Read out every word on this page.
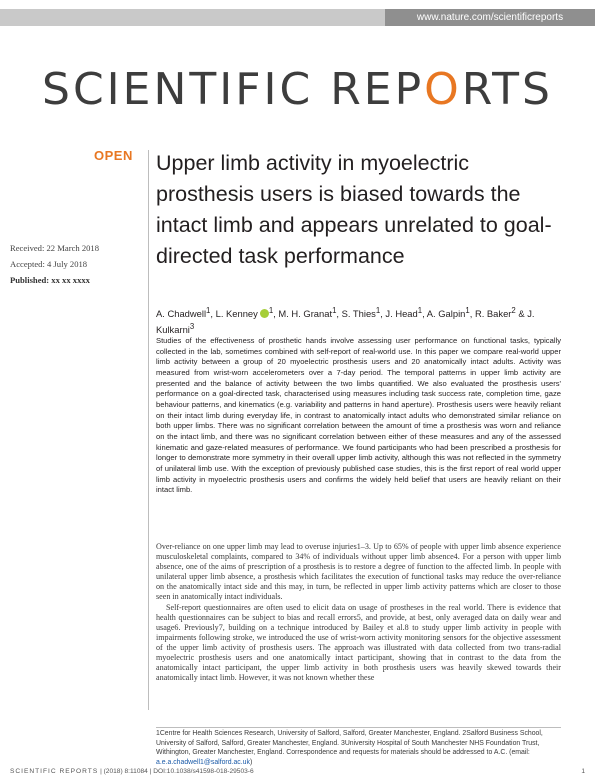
www.nature.com/scientificreports
SCIENTIFIC REPORTS
OPEN Upper limb activity in myoelectric prosthesis users is biased towards the intact limb and appears unrelated to goal-directed task performance
Received: 22 March 2018
Accepted: 4 July 2018
Published: xx xx xxxx
A. Chadwell$^1$, L. Kenney $^1$, M. H. Granat$^1$, S. Thies$^1$, J. Head$^1$, A. Galpin$^1$, R. Baker$^2$ & J. Kulkarni$^3$

Studies of the effectiveness of prosthetic hands involve assessing user performance on functional tasks, typically collected in the lab, sometimes combined with self-report of real-world use. In this paper we compare real-world upper limb activity between a group of 20 myoelectric prosthesis users and 20 anatomically intact adults. Activity was measured from wrist-worn accelerometers over a 7-day period. The temporal patterns in upper limb activity are presented and the balance of activity between the two limbs quantified. We also evaluated the prosthesis users' performance on a goal-directed task, characterised using measures including task success rate, completion time, gaze behaviour patterns, and kinematics (e.g. variability and patterns in hand aperture). Prosthesis users were heavily reliant on their intact limb during everyday life, in contrast to anatomically intact adults who demonstrated similar reliance on both upper limbs. There was no significant correlation between the amount of time a prosthesis was worn and reliance on the intact limb, and there was no significant correlation between either of these measures and any of the assessed kinematic and gaze-related measures of performance. We found participants who had been prescribed a prosthesis for longer to demonstrate more symmetry in their overall upper limb activity, although this was not reflected in the symmetry of unilateral limb use. With the exception of previously published case studies, this is the first report of real world upper limb activity in myoelectric prosthesis users and confirms the widely held belief that users are heavily reliant on their intact limb.

Over-reliance on one upper limb may lead to overuse injuries1–3. Up to 65% of people with upper limb absence experience musculoskeletal complaints, compared to 34% of individuals without upper limb absence4. For a person with upper limb absence, one of the aims of prescription of a prosthesis is to restore a degree of function to the affected limb. In people with unilateral upper limb absence, a prosthesis which facilitates the execution of functional tasks may reduce the over-reliance on the anatomically intact side and this may, in turn, be reflected in upper limb activity patterns which are closer to those seen in anatomically intact individuals.

Self-report questionnaires are often used to elicit data on usage of prostheses in the real world. There is evidence that health questionnaires can be subject to bias and recall errors5, and provide, at best, only averaged data on daily wear and usage6. Previously7, building on a technique introduced by Bailey et al.8 to study upper limb activity in people with impairments following stroke, we introduced the use of wrist-worn activity monitoring sensors for the objective assessment of the upper limb activity of prosthesis users. The approach was illustrated with data collected from two trans-radial myoelectric prosthesis users and one anatomically intact participant, showing that in contrast to the data from the anatomically intact participant, the upper limb activity in both prosthesis users was heavily skewed towards their anatomically intact limb. However, it was not known whether these

1Centre for Health Sciences Research, University of Salford, Salford, Greater Manchester, England. 2Salford Business School, University of Salford, Salford, Greater Manchester, England. 3University Hospital of South Manchester NHS Foundation Trust, Withington, Greater Manchester, England. Correspondence and requests for materials should be addressed to A.C. (email: a.e.a.chadwell1@salford.ac.uk)
SCIENTIFIC REPORTS | (2018) 8:11084 | DOI:10.1038/s41598-018-29503-6	1
